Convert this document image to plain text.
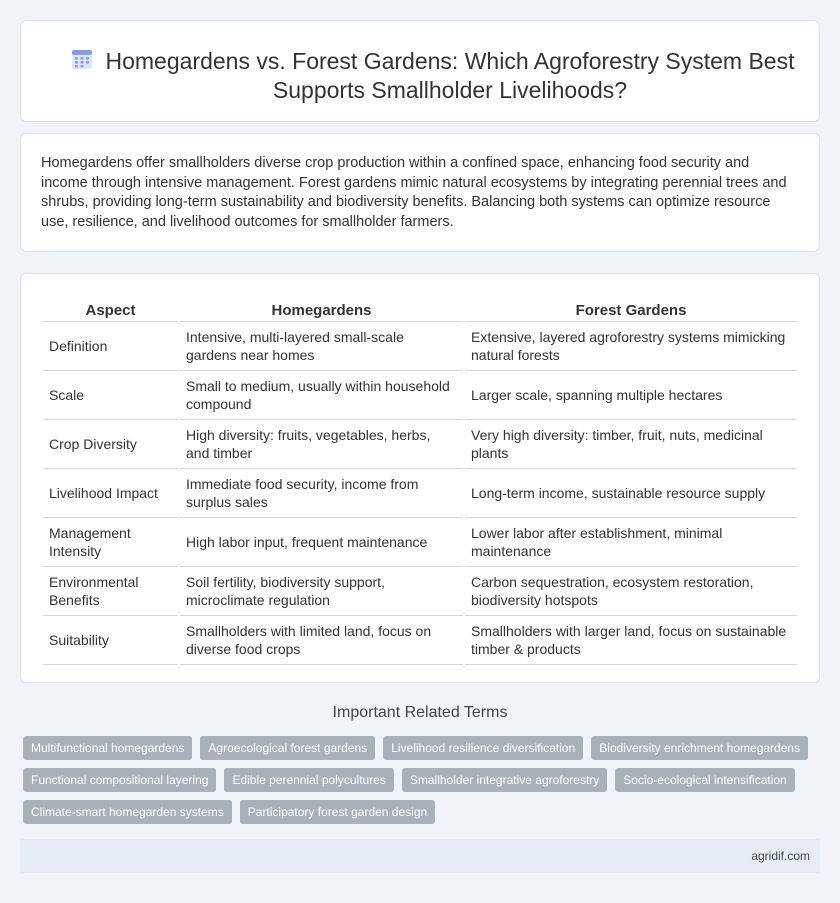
Homegardens vs. Forest Gardens: Which Agroforestry System Best Supports Smallholder Livelihoods?

Homegardens offer smallholders diverse crop production within a confined space, enhancing food security and income through intensive management. Forest gardens mimic natural ecosystems by integrating perennial trees and shrubs, providing long-term sustainability and biodiversity benefits. Balancing both systems can optimize resource use, resilience, and livelihood outcomes for smallholder farmers.

Aspect	Homegardens	Forest Gardens
Definition	Intensive, multi-layered small-scale gardens near homes	Extensive, layered agroforestry systems mimicking natural forests
Scale	Small to medium, usually within household compound	Larger scale, spanning multiple hectares
Crop Diversity	High diversity: fruits, vegetables, herbs, and timber	Very high diversity: timber, fruit, nuts, medicinal plants
Livelihood Impact	Immediate food security, income from surplus sales	Long-term income, sustainable resource supply
Management Intensity	High labor input, frequent maintenance	Lower labor after establishment, minimal maintenance
Environmental Benefits	Soil fertility, biodiversity support, microclimate regulation	Carbon sequestration, ecosystem restoration, biodiversity hotspots
Suitability	Smallholders with limited land, focus on diverse food crops	Smallholders with larger land, focus on sustainable timber & products
Important Related Terms
Multifunctional homegardens	Agroecological forest gardens	Livelihood resilience diversification	Biodiversity enrichment homegardens
Functional compositional layering	Edible perennial polycultures	Smallholder integrative agroforestry	Socio-ecological intensification
Climate-smart homegarden systems	Participatory forest garden design
agridif.com
